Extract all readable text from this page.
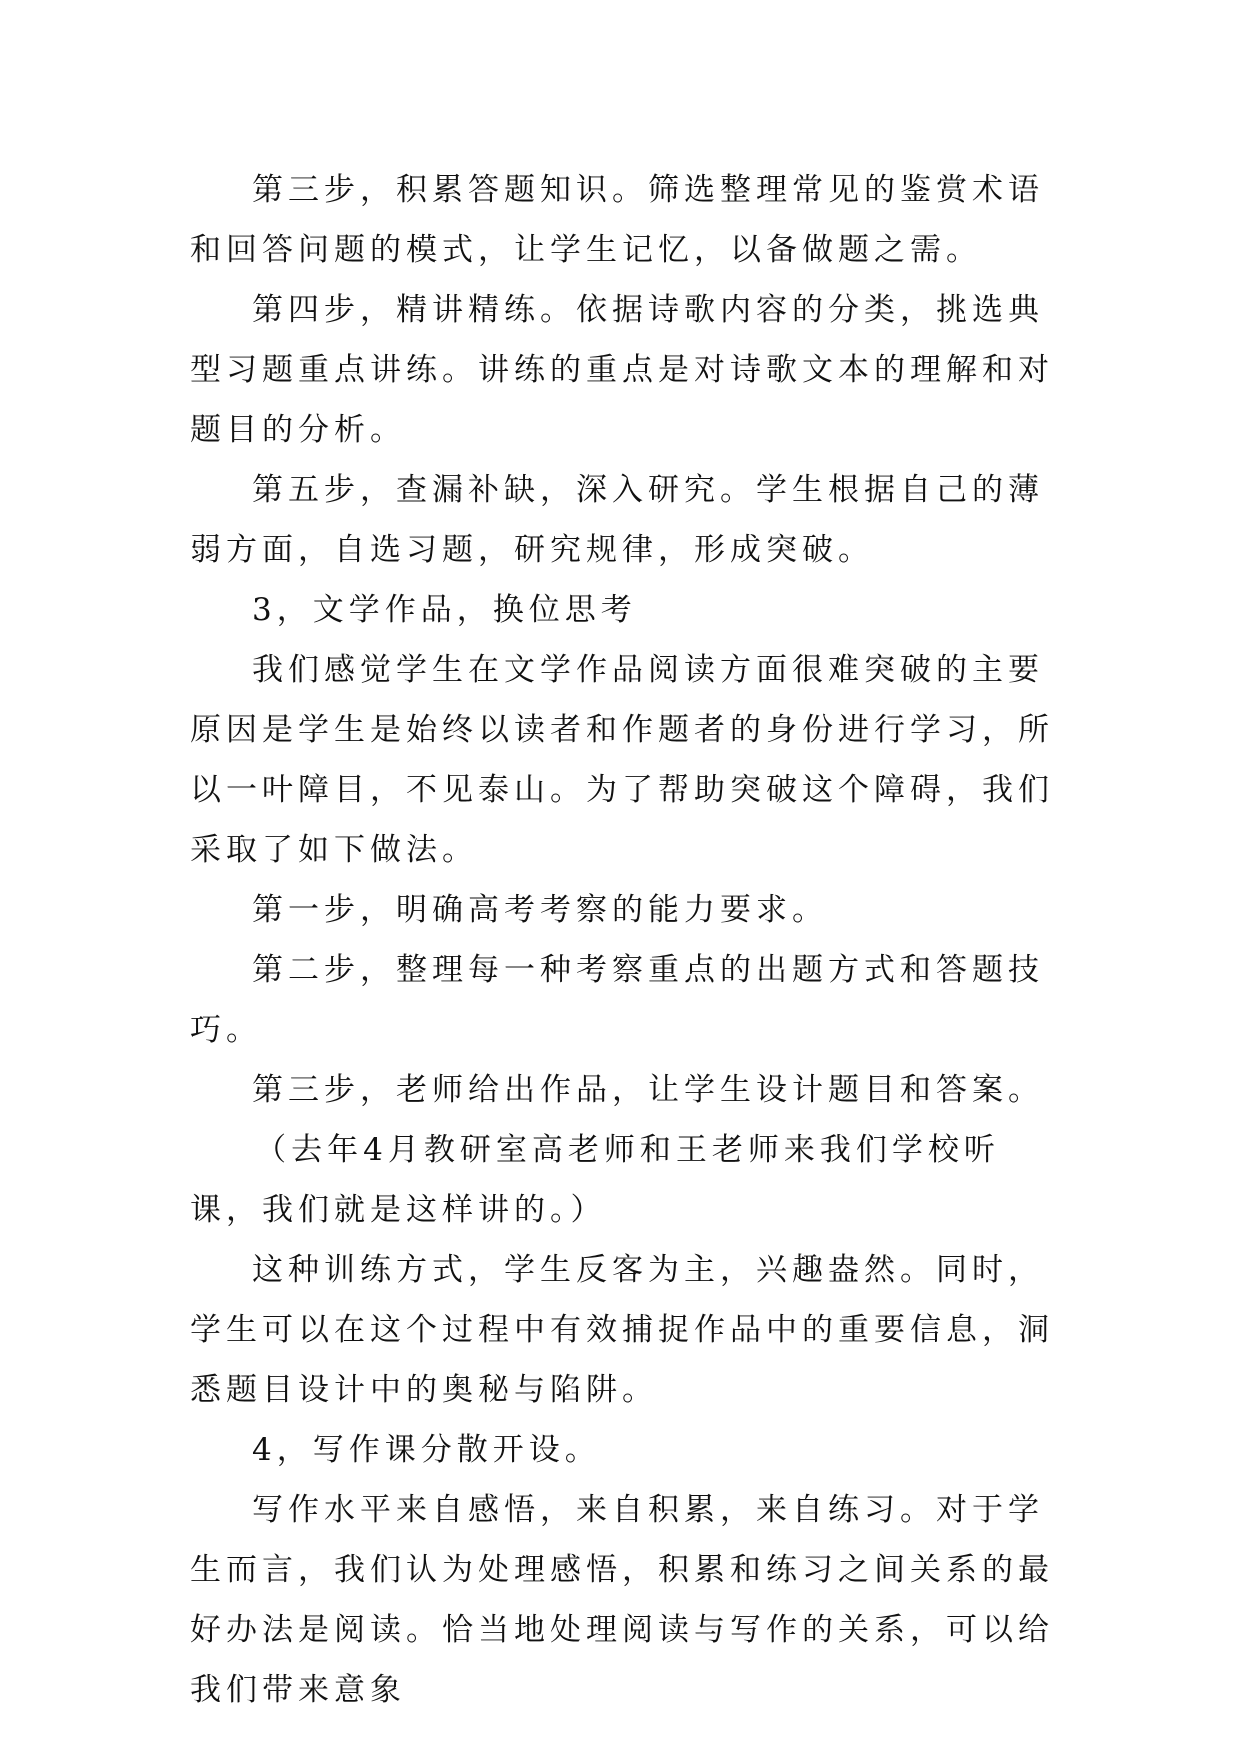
第三步，积累答题知识。筛选整理常见的鉴赏术语和回答问题的模式，让学生记忆，以备做题之需。

第四步，精讲精练。依据诗歌内容的分类，挑选典型习题重点讲练。讲练的重点是对诗歌文本的理解和对题目的分析。

第五步，查漏补缺，深入研究。学生根据自己的薄弱方面，自选习题，研究规律，形成突破。

3，文学作品，换位思考

我们感觉学生在文学作品阅读方面很难突破的主要原因是学生是始终以读者和作题者的身份进行学习，所以一叶障目，不见泰山。为了帮助突破这个障碍，我们采取了如下做法。

第一步，明确高考考察的能力要求。

第二步，整理每一种考察重点的出题方式和答题技巧。

第三步，老师给出作品，让学生设计题目和答案。

（去年4月教研室高老师和王老师来我们学校听课，我们就是这样讲的。）

这种训练方式，学生反客为主，兴趣盎然。同时，学生可以在这个过程中有效捕捉作品中的重要信息，洞悉题目设计中的奥秘与陷阱。

4，写作课分散开设。

写作水平来自感悟，来自积累，来自练习。对于学生而言，我们认为处理感悟，积累和练习之间关系的最好办法是阅读。恰当地处理阅读与写作的关系，可以给我们带来意象
